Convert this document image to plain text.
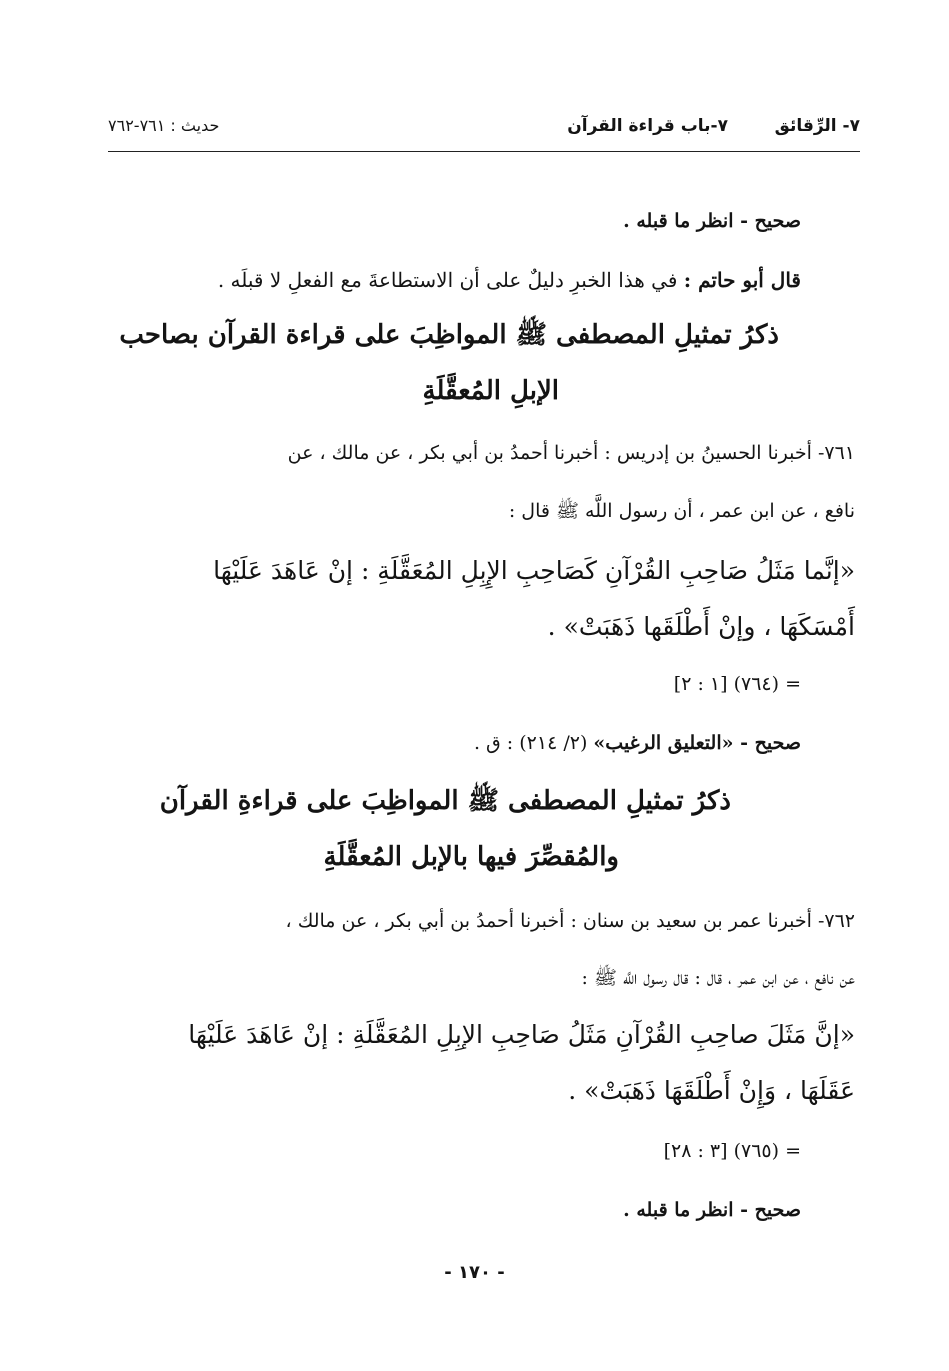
٧- الرِّقائق
٧-باب قراءة القرآن
حديث : ٧٦١-٧٦٢
صحيح - انظر ما قبله .
قال أبو حاتم : في هذا الخبرِ دليلٌ على أن الاستطاعةَ مع الفعلِ لا قبلَه .
ذكرُ تمثيلِ المصطفى ﷺ المواظِبَ على قراءة القرآن بصاحب
الإبلِ المُعقَّلَةِ
٧٦١- أخبرنا الحسينُ بن إدريس : أخبرنا أحمدُ بن أبي بكر ، عن مالك ، عن
نافع ، عن ابن عمر ، أن رسول اللَّه ﷺ قال :
«إنَّما مَثَلُ صَاحِبِ القُرْآنِ كَصَاحِبِ الإِبِلِ المُعَقَّلَةِ : إنْ عَاهَدَ عَلَيْهَا
أَمْسَكَهَا ، وإنْ أَطْلَقَها ذَهَبَتْ» .
= (٧٦٤) [١ : ٢]
صحيح - «التعليق الرغيب» (٢/ ٢١٤) : ق .
ذكرُ تمثيلِ المصطفى ﷺ المواظِبَ على قراءةِ القرآن
والمُقصِّرَ فيها بالإبل المُعقَّلَةِ
٧٦٢- أخبرنا عمر بن سعيد بن سنان : أخبرنا أحمدُ بن أبي بكر ، عن مالك ،
عن نافع ، عن ابن عمر ، قال : قال رسول اللَّه ﷺ :
«إنَّ مَثَلَ صاحِبِ القُرْآنِ مَثَلُ صَاحِبِ الإبِلِ المُعَقَّلَةِ : إنْ عَاهَدَ عَلَيْهَا
عَقَلَهَا ، وَإِنْ أَطْلَقَهَا ذَهَبَتْ» .
= (٧٦٥) [٣ : ٢٨]
صحيح - انظر ما قبله .
- ١٧٠ -
